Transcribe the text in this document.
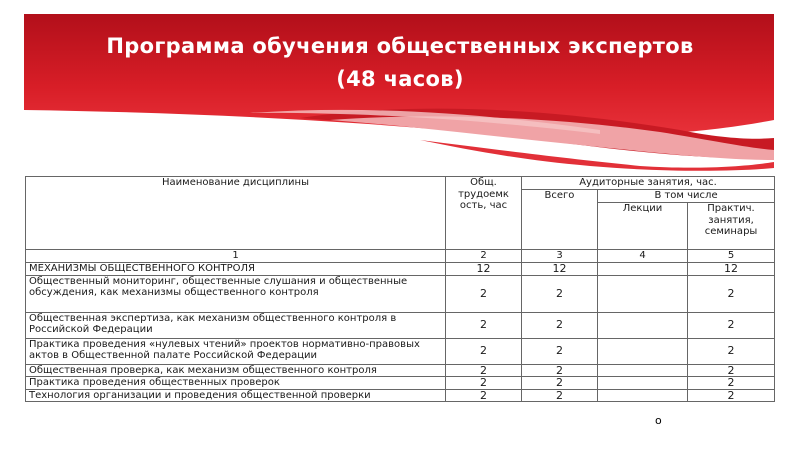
Программа обучения общественных экспертов
(48 часов)
Наименование дисциплины	Общ. трудоемк ость, час	Аудиторные занятия, час.		
		Всего	В том числе	
			Лекции	Практич. занятия, семинары
1	2	3	4	5
МЕХАНИЗМЫ ОБЩЕСТВЕННОГО КОНТРОЛЯ	12	12		12
Общественный мониторинг, общественные слушания и общественные обсуждения, как механизмы общественного контроля	2	2		2
Общественная экспертиза, как механизм общественного контроля в Российской Федерации	2	2		2
Практика проведения «нулевых чтений» проектов нормативно-правовых актов в Общественной палате Российской Федерации	2	2		2
Общественная проверка, как механизм общественного контроля	2	2		2
Практика проведения общественных проверок	2	2		2
Технология организации и проведения общественной проверки	2	2		2
о
